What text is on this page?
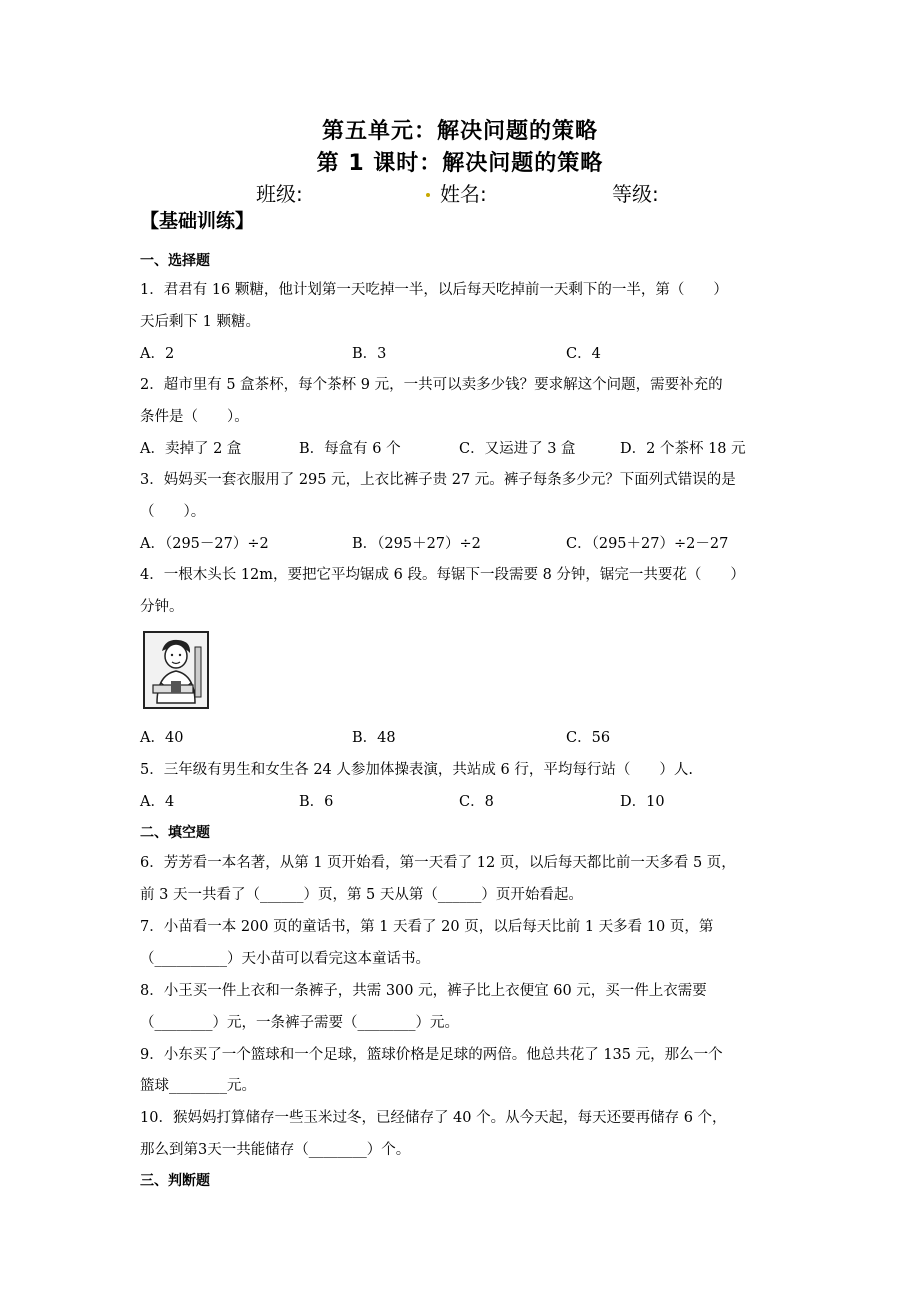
第五单元：解决问题的策略
第 1 课时：解决问题的策略
班级:	姓名:	等级:
【基础训练】
一、选择题
1．君君有 16 颗糖，他计划第一天吃掉一半，以后每天吃掉前一天剩下的一半，第（　　）
天后剩下 1 颗糖。
A．2	B．3	C．4
2．超市里有 5 盒茶杯，每个茶杯 9 元，一共可以卖多少钱？要求解这个问题，需要补充的
条件是（　　）。
A．卖掉了 2 盒	B．每盒有 6 个	C．又运进了 3 盒	D．2 个茶杯 18 元
3．妈妈买一套衣服用了 295 元，上衣比裤子贵 27 元。裤子每条多少元？下面列式错误的是
（　　）。
A．（295－27）÷2	B．（295＋27）÷2	C．（295＋27）÷2－27
4．一根木头长 12m，要把它平均锯成 6 段。每锯下一段需要 8 分钟，锯完一共要花（　　）
分钟。
A．40	B．48	C．56
5．三年级有男生和女生各 24 人参加体操表演，共站成 6 行，平均每行站（　　）人.
A．4	B．6	C．8	D．10
二、填空题
6．芳芳看一本名著，从第 1 页开始看，第一天看了 12 页，以后每天都比前一天多看 5 页，
前 3 天一共看了（______）页，第 5 天从第（______）页开始看起。
7．小苗看一本 200 页的童话书，第 1 天看了 20 页，以后每天比前 1 天多看 10 页，第
（__________）天小苗可以看完这本童话书。
8．小王买一件上衣和一条裤子，共需 300 元，裤子比上衣便宜 60 元，买一件上衣需要
（________）元，一条裤子需要（________）元。
9．小东买了一个篮球和一个足球，篮球价格是足球的两倍。他总共花了 135 元，那么一个
篮球________元。
10．猴妈妈打算储存一些玉米过冬，已经储存了 40 个。从今天起，每天还要再储存 6 个，
那么到第3天一共能储存（________）个。
三、判断题
